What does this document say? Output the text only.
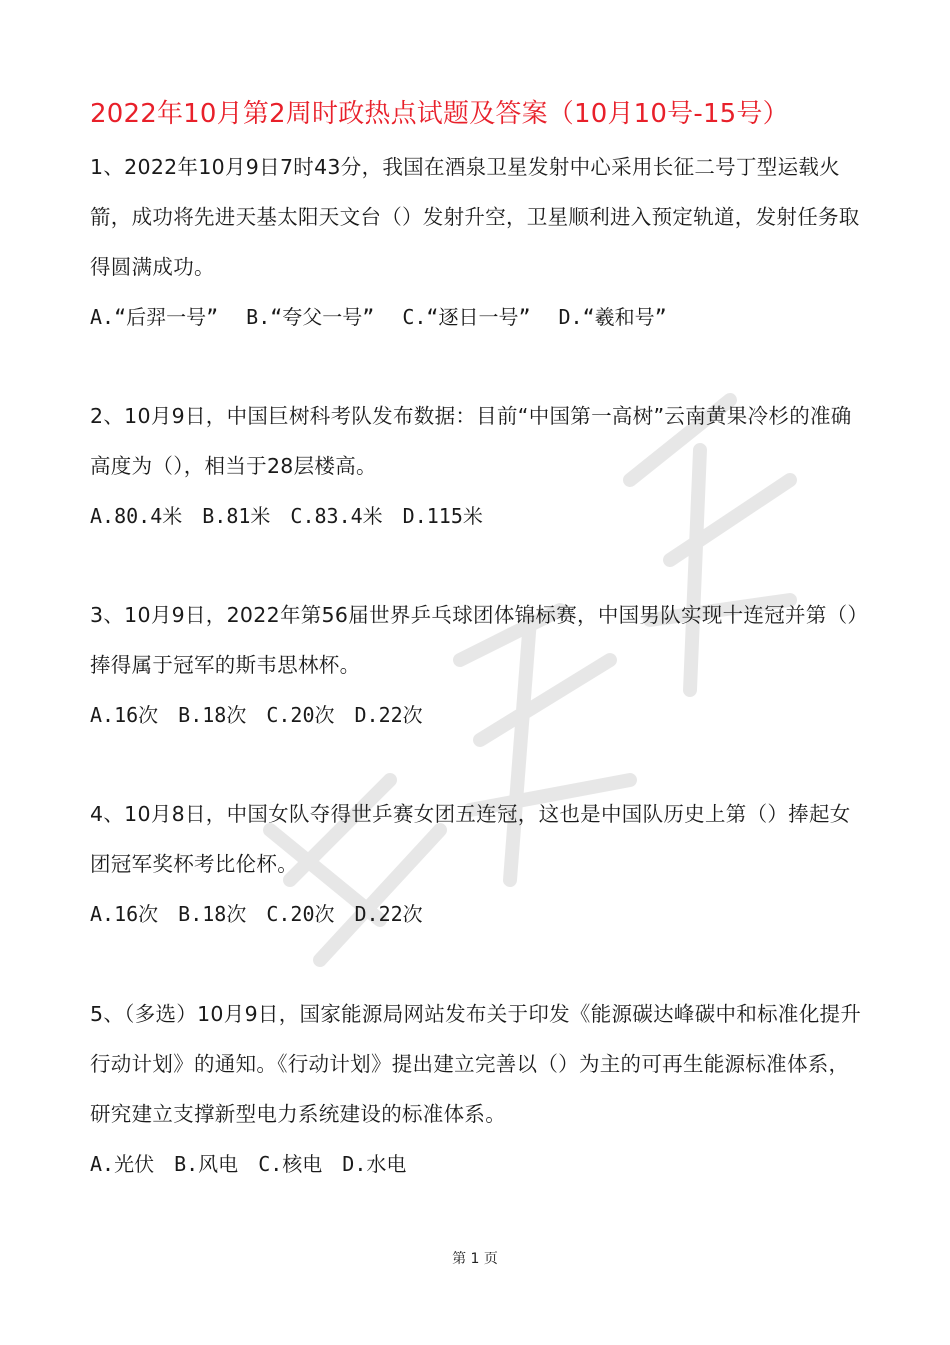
2022年10月第2周时政热点试题及答案（10月10号-15号）

1、2022年10月9日7时43分，我国在酒泉卫星发射中心采用长征二号丁型运载火箭，成功将先进天基太阳天文台（）发射升空，卫星顺利进入预定轨道，发射任务取得圆满成功。

A.“后羿一号” B.“夸父一号” C.“逐日一号” D.“羲和号”

2、10月9日，中国巨树科考队发布数据：目前“中国第一高树”云南黄果冷杉的准确高度为（），相当于28层楼高。

A.80.4米 B.81米 C.83.4米 D.115米

3、10月9日，2022年第56届世界乒乓球团体锦标赛，中国男队实现十连冠并第（）捧得属于冠军的斯韦思林杯。

A.16次 B.18次 C.20次 D.22次

4、10月8日，中国女队夺得世乒赛女团五连冠，这也是中国队历史上第（）捧起女团冠军奖杯考比伦杯。

A.16次 B.18次 C.20次 D.22次

5、（多选）10月9日，国家能源局网站发布关于印发《能源碳达峰碳中和标准化提升行动计划》的通知。《行动计划》提出建立完善以（）为主的可再生能源标准体系，研究建立支撑新型电力系统建设的标准体系。

A.光伏 B.风电 C.核电 D.水电

第 1 页
